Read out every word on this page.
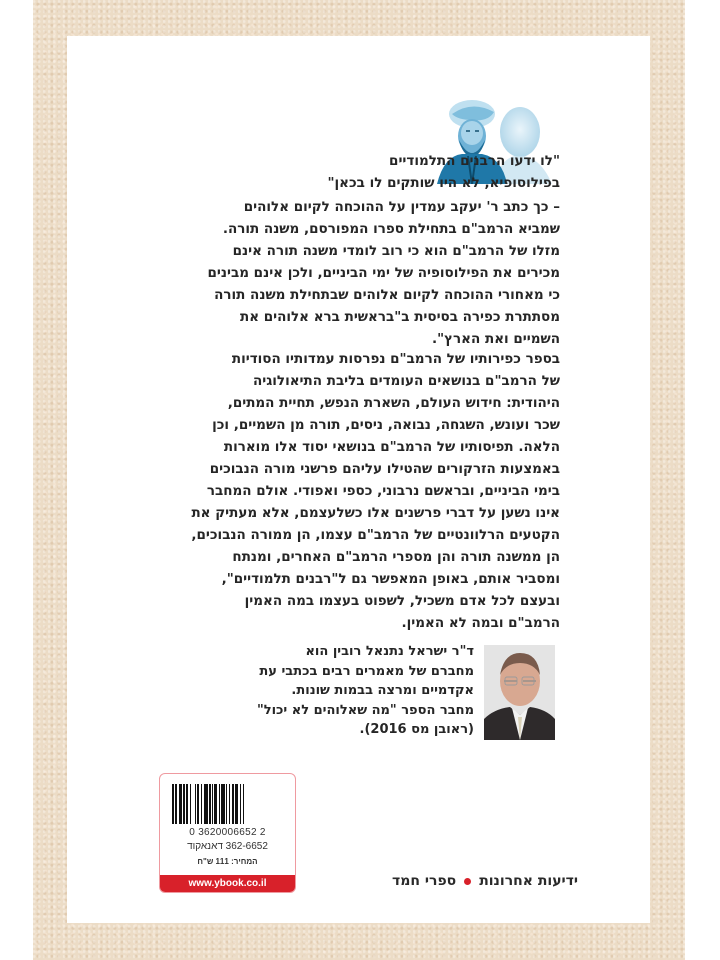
"לו ידעו הרבנים התלמודיים
בפילוסופיא, לא היו שותקים לו בכאן"
– כך כתב ר' יעקב עמדין על ההוכחה לקיום אלוהים
שמביא הרמב"ם בתחילת ספרו המפורסם, משנה תורה.
מזלו של הרמב"ם הוא כי רוב לומדי משנה תורה אינם
מכירים את הפילוסופיה של ימי הביניים, ולכן אינם מבינים
כי מאחורי ההוכחה לקיום אלוהים שבתחילת משנה תורה
מסתתרת כפירה בסיסית ב"בראשית ברא אלוהים את
השמיים ואת הארץ".
בספר כפירותיו של הרמב"ם נפרסות עמדותיו הסודיות
של הרמב"ם בנושאים העומדים בליבת התיאולוגיה
היהודית: חידוש העולם, השארת הנפש, תחיית המתים,
שכר ועונש, השגחה, נבואה, ניסים, תורה מן השמיים, וכן
הלאה. תפיסותיו של הרמב"ם בנושאי יסוד אלו מוארות
באמצעות הזרקורים שהטילו עליהם פרשני מורה הנבוכים
בימי הביניים, ובראשם נרבוני, כספי ואפודי. אולם המחבר
אינו נשען על דברי פרשנים אלו כשלעצמם, אלא מעתיק את
הקטעים הרלוונטיים של הרמב"ם עצמו, הן ממורה הנבוכים,
הן ממשנה תורה והן מספרי הרמב"ם האחרים, ומנתח
ומסביר אותם, באופן המאפשר גם ל"רבנים תלמודיים",
ובעצם לכל אדם משכיל, לשפוט בעצמו במה האמין
הרמב"ם ובמה לא האמין.
ד"ר ישראל נתנאל רובין הוא
מחברם של מאמרים רבים בכתבי עת
אקדמיים ומרצה בבמות שונות.
מחבר הספר "מה שאלוהים לא יכול"
(ראובן מס 2016).
0 3620006652 2
362-6652 דאנאקוד
המחיר: 111 ש"ח
www.ybook.co.il	ידיעות אחרונות
ספרי חמד
